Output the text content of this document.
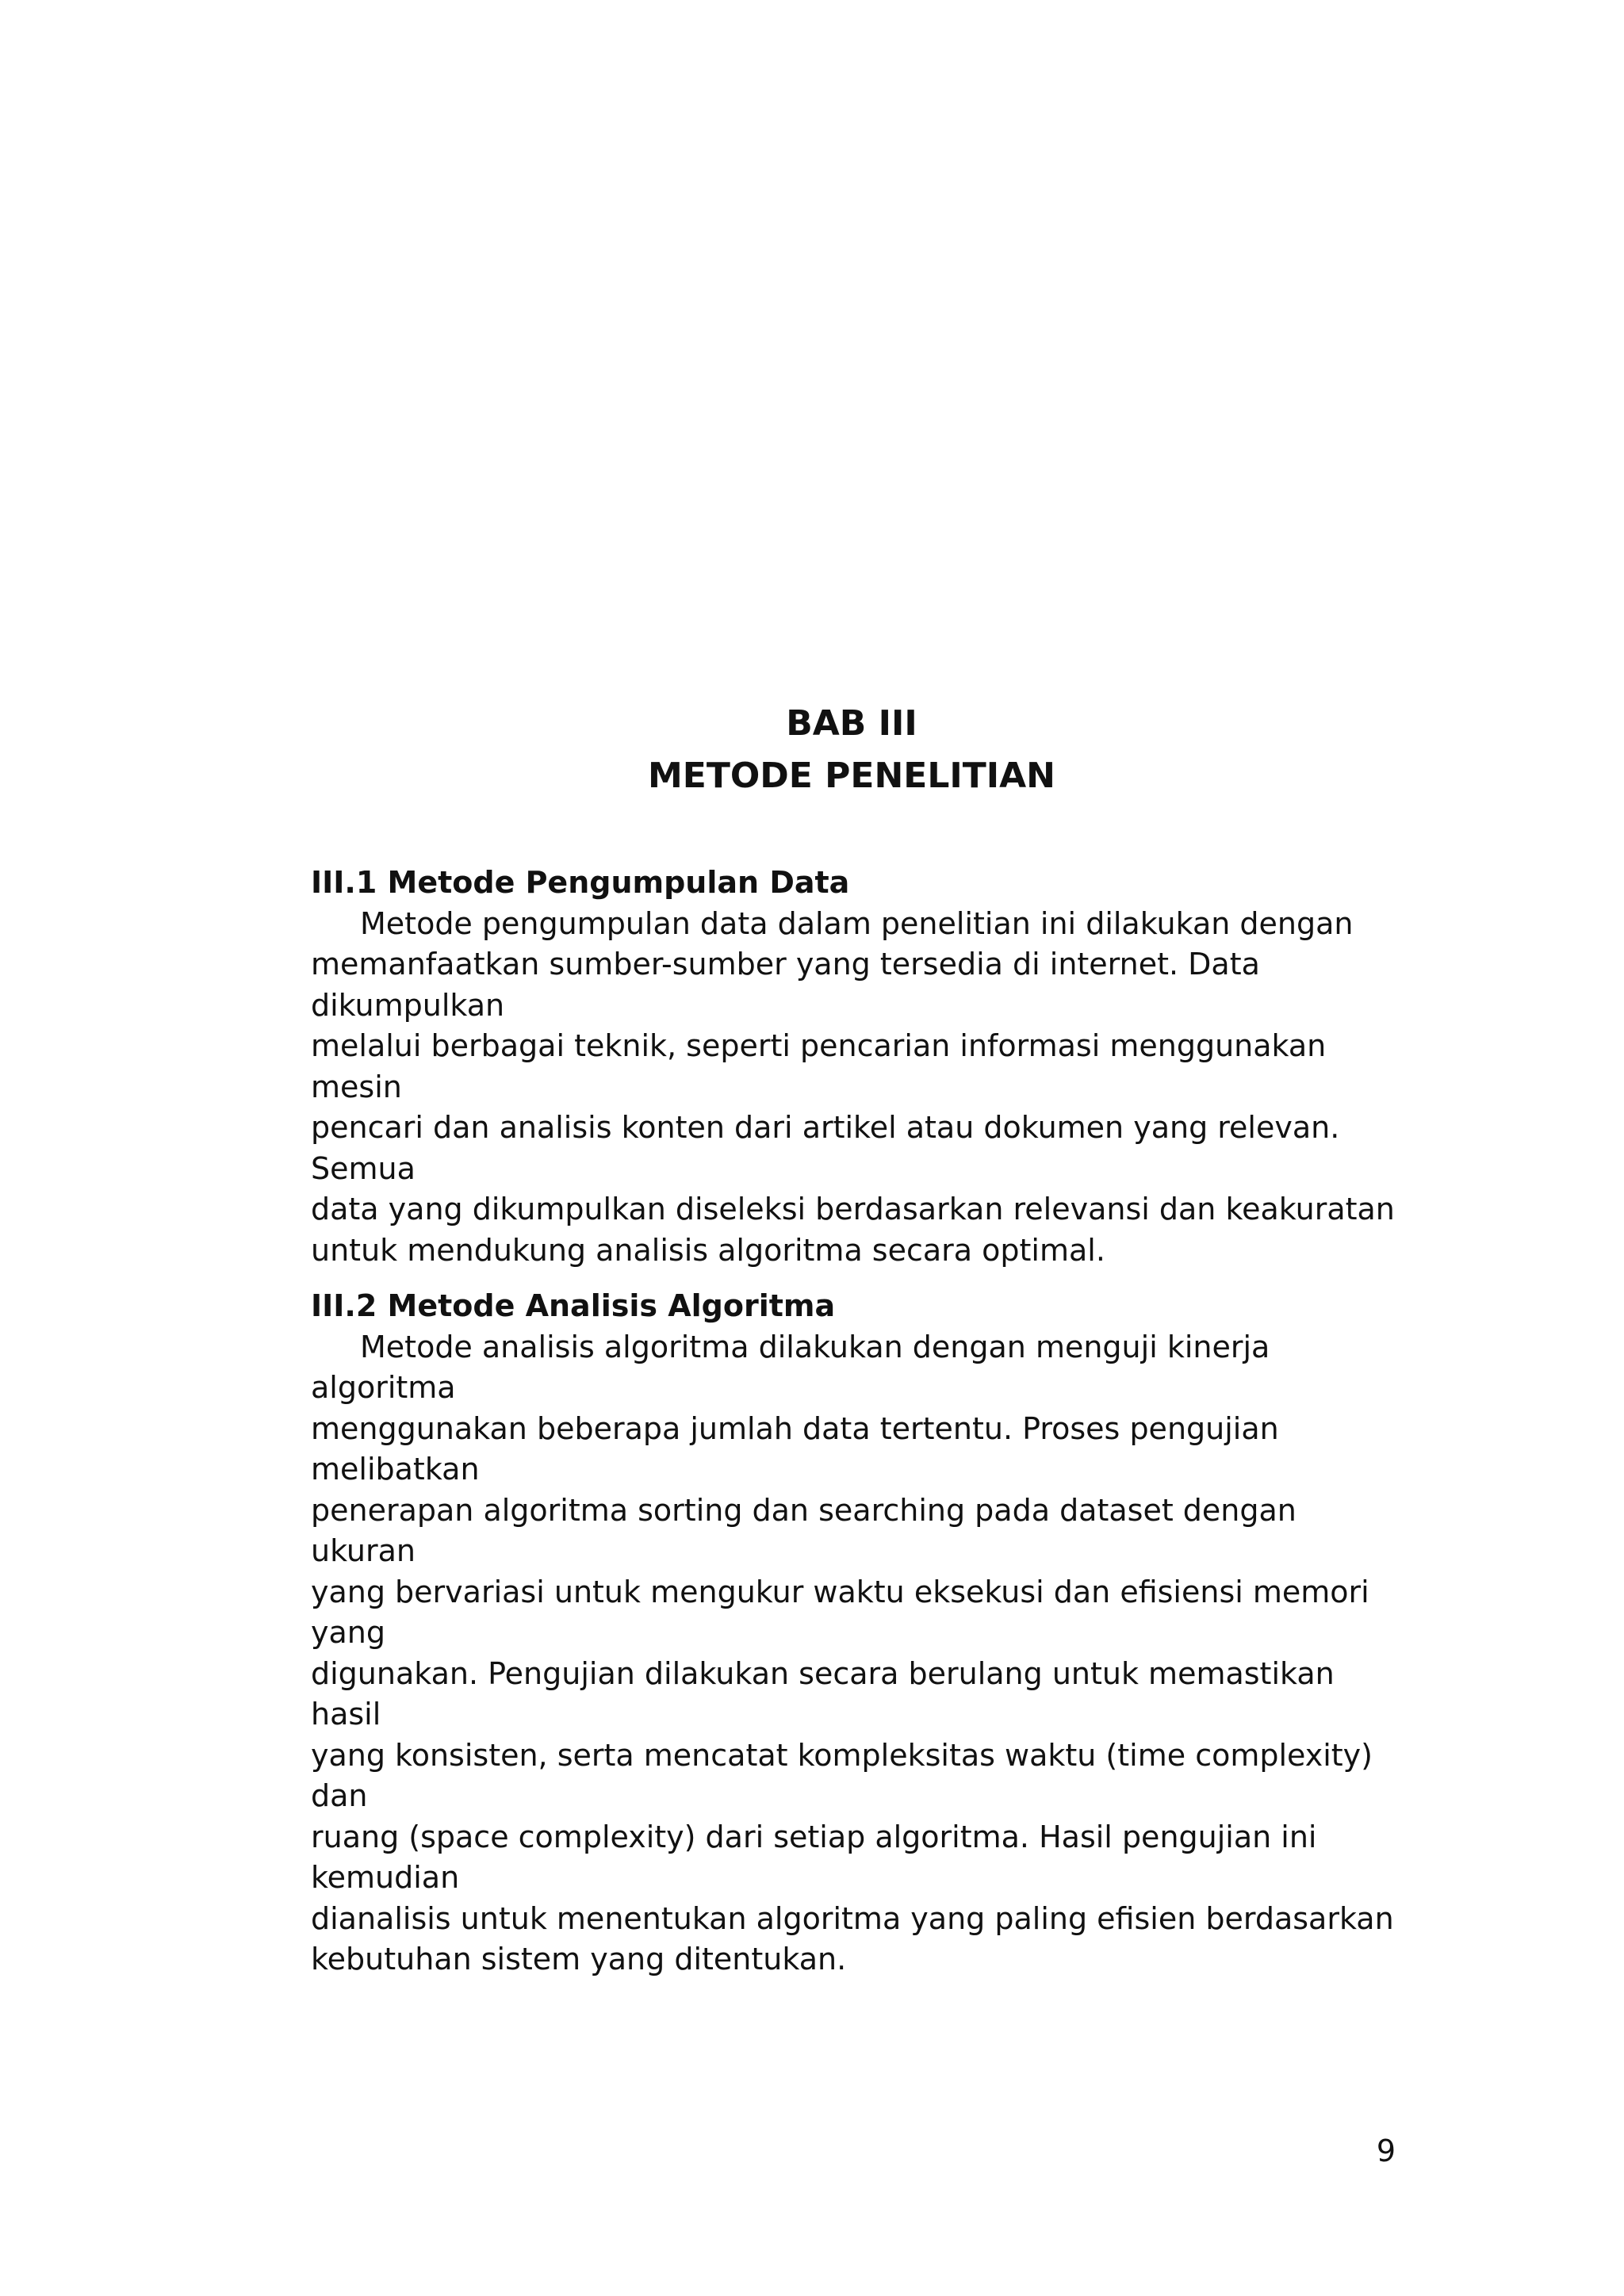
BAB III
METODE PENELITIAN
III.1 Metode Pengumpulan Data
Metode pengumpulan data dalam penelitian ini dilakukan dengan
memanfaatkan sumber-sumber yang tersedia di internet. Data dikumpulkan
melalui berbagai teknik, seperti pencarian informasi menggunakan mesin
pencari dan analisis konten dari artikel atau dokumen yang relevan. Semua
data yang dikumpulkan diseleksi berdasarkan relevansi dan keakuratan
untuk mendukung analisis algoritma secara optimal.
III.2 Metode Analisis Algoritma
Metode analisis algoritma dilakukan dengan menguji kinerja algoritma
menggunakan beberapa jumlah data tertentu. Proses pengujian melibatkan
penerapan algoritma sorting dan searching pada dataset dengan ukuran
yang bervariasi untuk mengukur waktu eksekusi dan efisiensi memori yang
digunakan. Pengujian dilakukan secara berulang untuk memastikan hasil
yang konsisten, serta mencatat kompleksitas waktu (time complexity) dan
ruang (space complexity) dari setiap algoritma. Hasil pengujian ini kemudian
dianalisis untuk menentukan algoritma yang paling efisien berdasarkan
kebutuhan sistem yang ditentukan.
9
